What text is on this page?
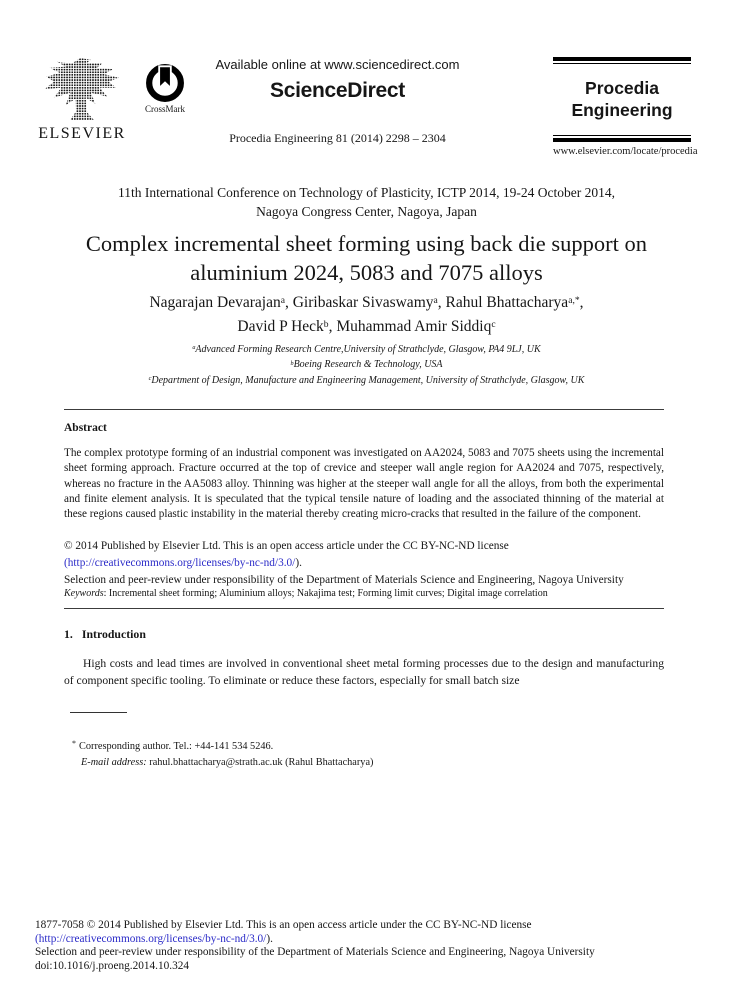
ELSEVIER
CrossMark
Available online at www.sciencedirect.com
ScienceDirect
Procedia Engineering 81 (2014) 2298 – 2304
Procedia
Engineering
www.elsevier.com/locate/procedia
11th International Conference on Technology of Plasticity, ICTP 2014, 19-24 October 2014,
Nagoya Congress Center, Nagoya, Japan
Complex incremental sheet forming using back die support on
aluminium 2024, 5083 and 7075 alloys
Nagarajan Devarajan$^a$, Giribaskar Sivaswamy$^a$, Rahul Bhattacharya$^{a,*}$,
David P Heck$^b$, Muhammad Amir Siddiq$^c$
$^a$Advanced Forming Research Centre,University of Strathclyde, Glasgow, PA4 9LJ, UK
$^b$Boeing Research & Technology, USA
$^c$Department of Design, Manufacture and Engineering Management, University of Strathclyde, Glasgow, UK
Abstract
The complex prototype forming of an industrial component was investigated on AA2024, 5083 and 7075 sheets using the incremental sheet forming approach. Fracture occurred at the top of crevice and steeper wall angle region for AA2024 and 7075, respectively, whereas no fracture in the AA5083 alloy. Thinning was higher at the steeper wall angle for all the alloys, from both the experimental and finite element analysis. It is speculated that the typical tensile nature of loading and the associated thinning of the material at these regions caused plastic instability in the material thereby creating micro-cracks that resulted in the failure of the component.
© 2014 Published by Elsevier Ltd. This is an open access article under the CC BY-NC-ND license
(http://creativecommons.org/licenses/by-nc-nd/3.0/).
Selection and peer-review under responsibility of the Department of Materials Science and Engineering, Nagoya University
Keywords: Incremental sheet forming; Aluminium alloys; Nakajima test; Forming limit curves; Digital image correlation
1. Introduction
High costs and lead times are involved in conventional sheet metal forming processes due to the design and manufacturing of component specific tooling. To eliminate or reduce these factors, especially for small batch size
* Corresponding author. Tel.: +44-141 534 5246.
E-mail address: rahul.bhattacharya@strath.ac.uk (Rahul Bhattacharya)
1877-7058 © 2014 Published by Elsevier Ltd. This is an open access article under the CC BY-NC-ND license
(http://creativecommons.org/licenses/by-nc-nd/3.0/).
Selection and peer-review under responsibility of the Department of Materials Science and Engineering, Nagoya University
doi:10.1016/j.proeng.2014.10.324
